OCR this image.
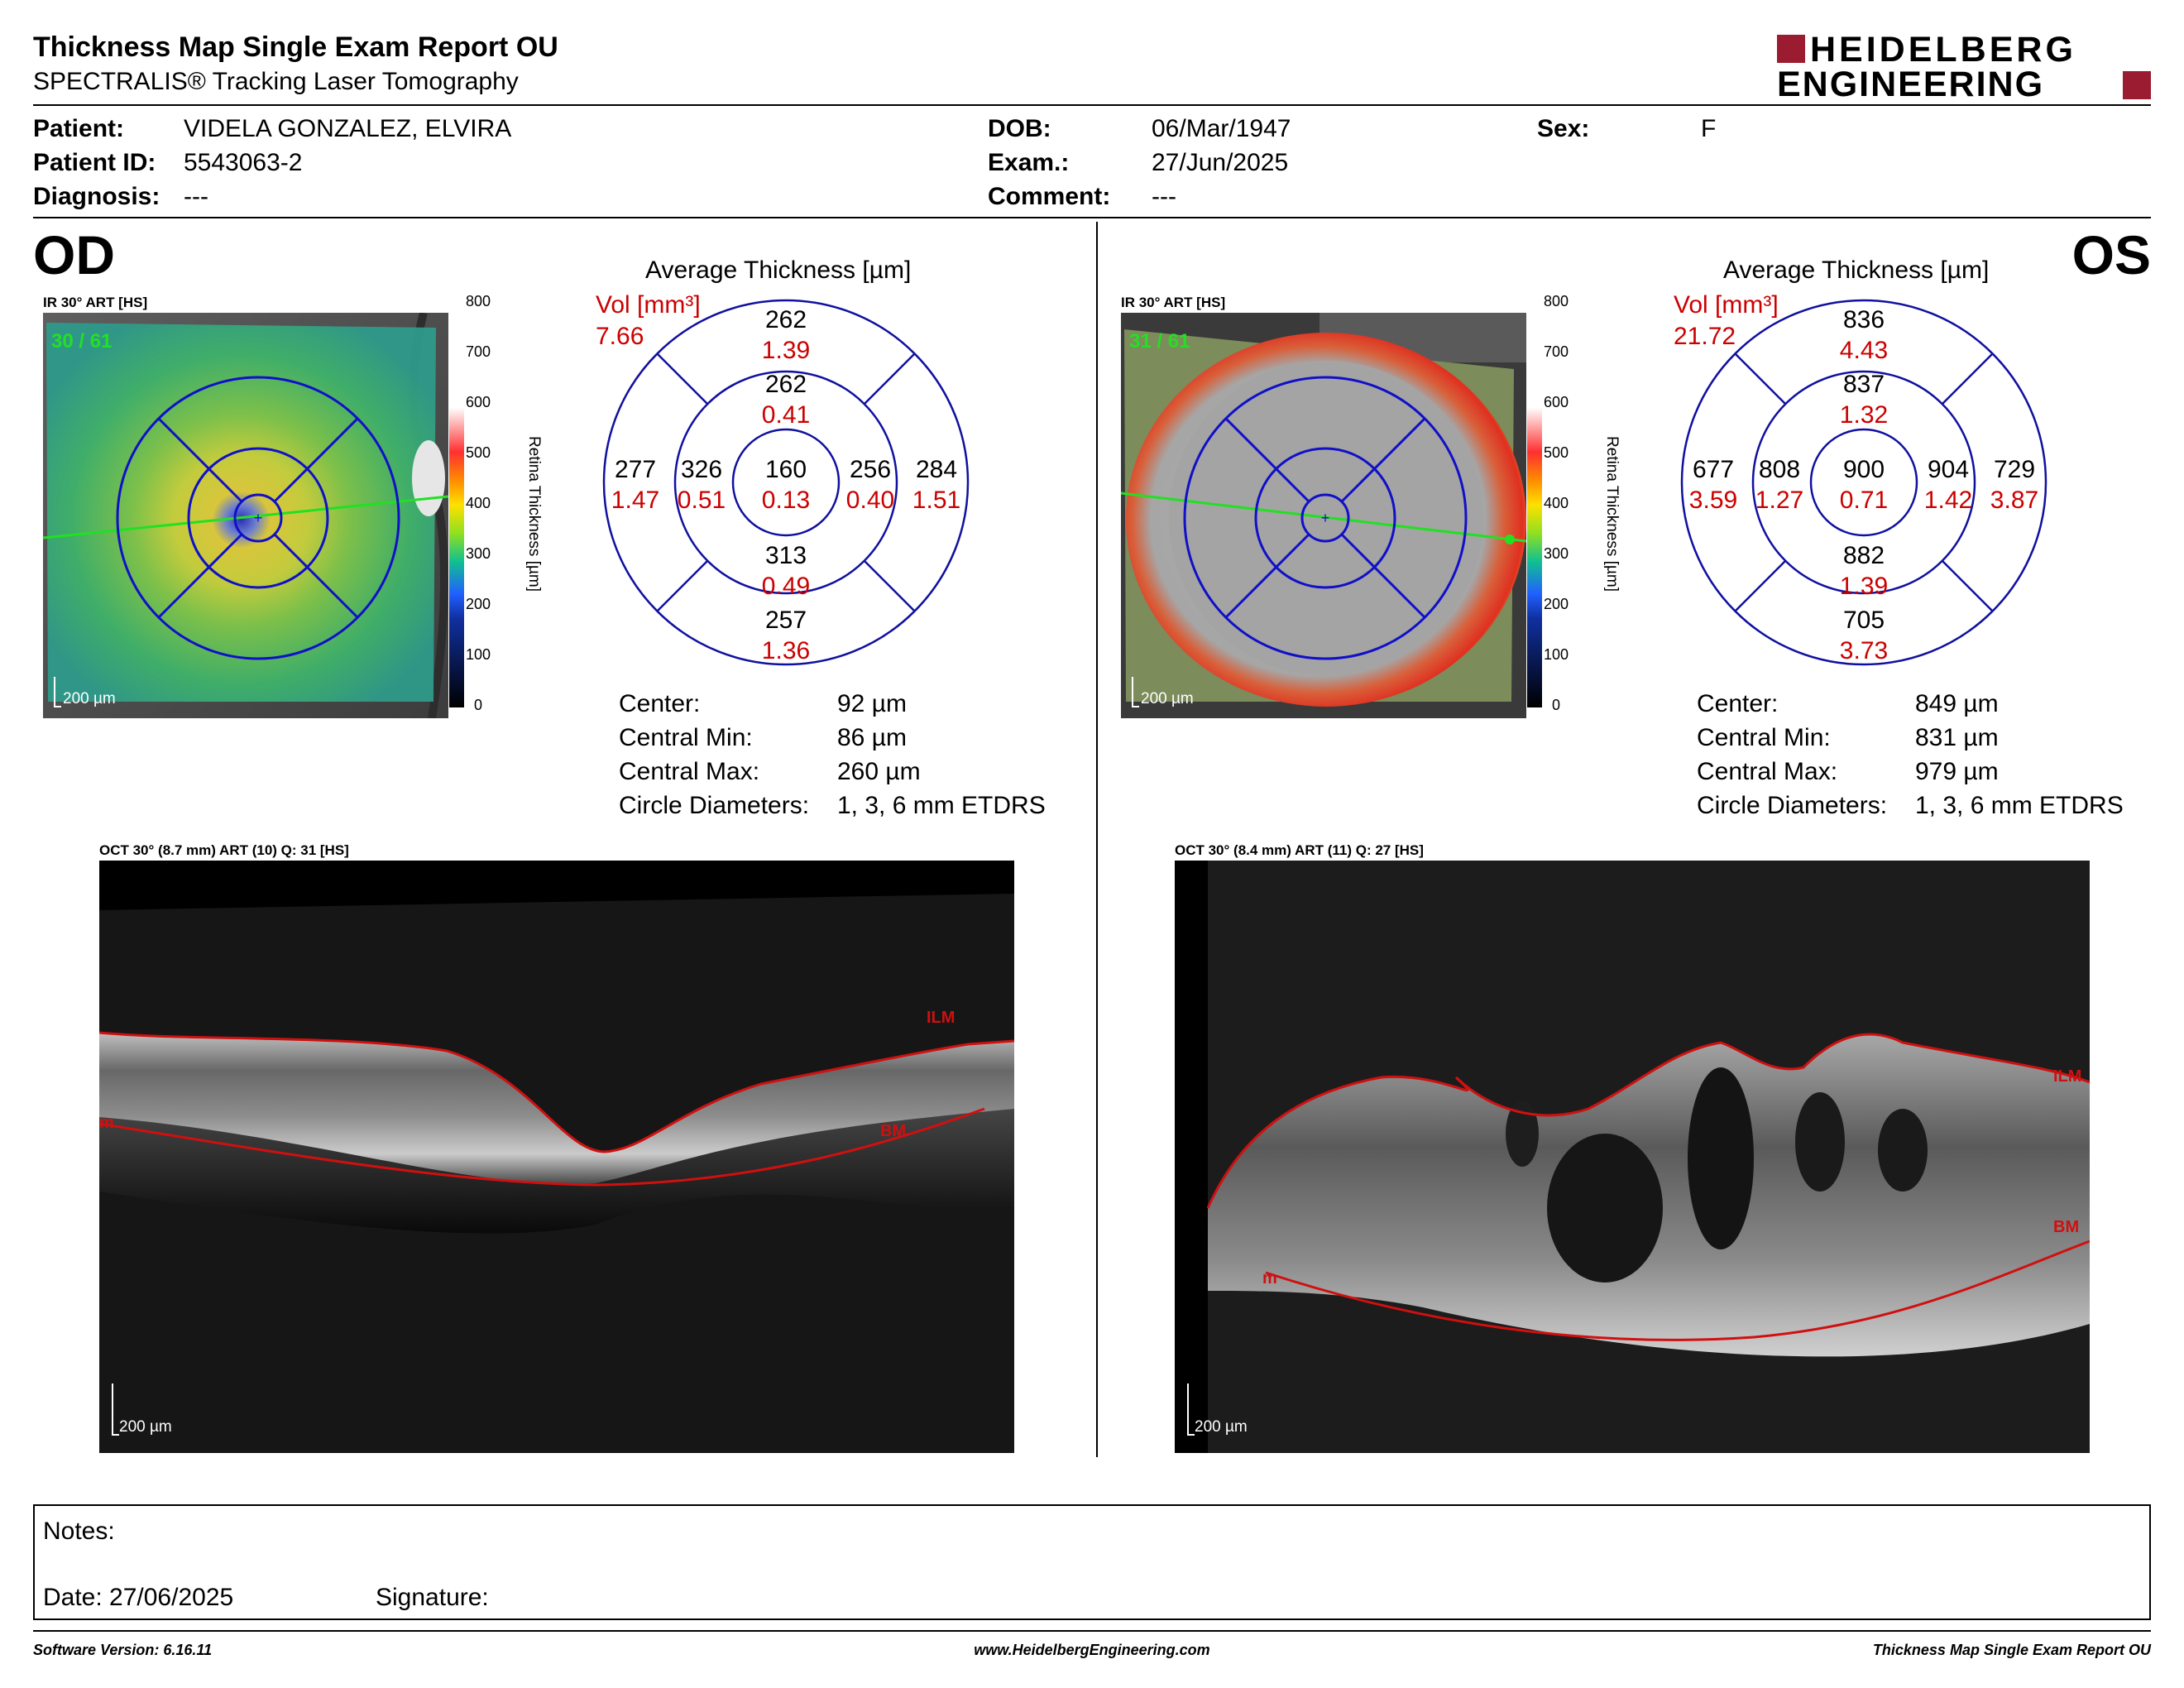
Thickness Map Single Exam Report OU
SPECTRALIS® Tracking Laser Tomography
HEIDELBERG
ENGINEERING
Patient: VIDELA GONZALEZ, ELVIRA
Patient ID: 5543063-2
Diagnosis: ---
DOB:	06/Mar/1947
Exam.:	27/Jun/2025
Comment: ---
Sex:	F
OD	OS
IR 30° ART [HS]
+
30 / 61
200 µm
800
700
600
500
400
300
200
100
0
Retina Thickness [µm]
Average Thickness [µm]
Vol [mm³]
7.66
262
1.39
262
0.41
277
1.47
326
0.51
160
0.13
256
0.40
284
1.51
313
0.49
257
1.36
Center:	92 µm
Central Min:	86 µm
Central Max:	260 µm
Circle Diameters: 1, 3, 6 mm ETDRS
IR 30° ART [HS]
+
31 / 61
200 µm
800
700
600
500
400
300
200
100
0
Retina Thickness [µm]
Average Thickness [µm]
Vol [mm³]
21.72
836
4.43
837
1.32
677
3.59
808
1.27
900
0.71
904
1.42
729
3.87
882
1.39
705
3.73
Center:	849 µm
Central Min:	831 µm
Central Max:	979 µm
Circle Diameters: 1, 3, 6 mm ETDRS
OCT 30° (8.7 mm) ART (10) Q: 31 [HS]
ILM
BM
m
200 µm
OCT 30° (8.4 mm) ART (11) Q: 27 [HS]
ILM
BM
m
200 µm
Notes:
Date: 27/06/2025	Signature:
Software Version: 6.16.11	www.HeidelbergEngineering.com	Thickness Map Single Exam Report OU
